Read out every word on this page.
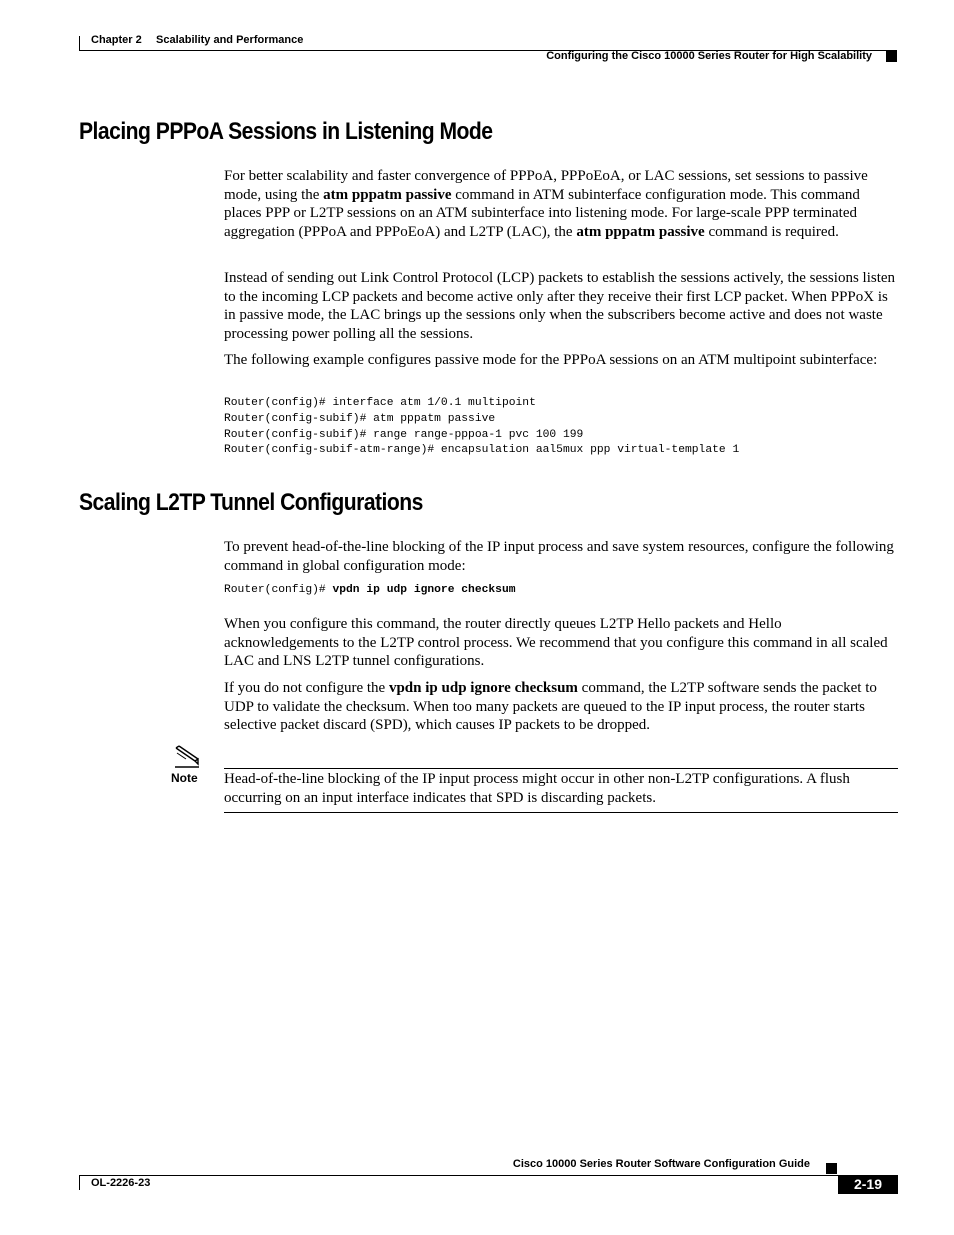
Chapter 2 Scalability and Performance
Configuring the Cisco 10000 Series Router for High Scalability
Placing PPPoA Sessions in Listening Mode

For better scalability and faster convergence of PPPoA, PPPoEoA, or LAC sessions, set sessions to passive mode, using the atm pppatm passive command in ATM subinterface configuration mode. This command places PPP or L2TP sessions on an ATM subinterface into listening mode. For large-scale PPP terminated aggregation (PPPoA and PPPoEoA) and L2TP (LAC), the atm pppatm passive command is required.

Instead of sending out Link Control Protocol (LCP) packets to establish the sessions actively, the sessions listen to the incoming LCP packets and become active only after they receive their first LCP packet. When PPPoX is in passive mode, the LAC brings up the sessions only when the subscribers become active and does not waste processing power polling all the sessions.

The following example configures passive mode for the PPPoA sessions on an ATM multipoint subinterface:

Router(config)# interface atm 1/0.1 multipoint
Router(config-subif)# atm pppatm passive
Router(config-subif)# range range-pppoa-1 pvc 100 199
Router(config-subif-atm-range)# encapsulation aal5mux ppp virtual-template 1
Scaling L2TP Tunnel Configurations

To prevent head-of-the-line blocking of the IP input process and save system resources, configure the following command in global configuration mode:

Router(config)# vpdn ip udp ignore checksum

When you configure this command, the router directly queues L2TP Hello packets and Hello acknowledgements to the L2TP control process. We recommend that you configure this command in all scaled LAC and LNS L2TP tunnel configurations.

If you do not configure the vpdn ip udp ignore checksum command, the L2TP software sends the packet to UDP to validate the checksum. When too many packets are queued to the IP input process, the router starts selective packet discard (SPD), which causes IP packets to be dropped.

Note Head-of-the-line blocking of the IP input process might occur in other non-L2TP configurations. A flush occurring on an input interface indicates that SPD is discarding packets.

Cisco 10000 Series Router Software Configuration Guide
OL-2226-23	2-19
